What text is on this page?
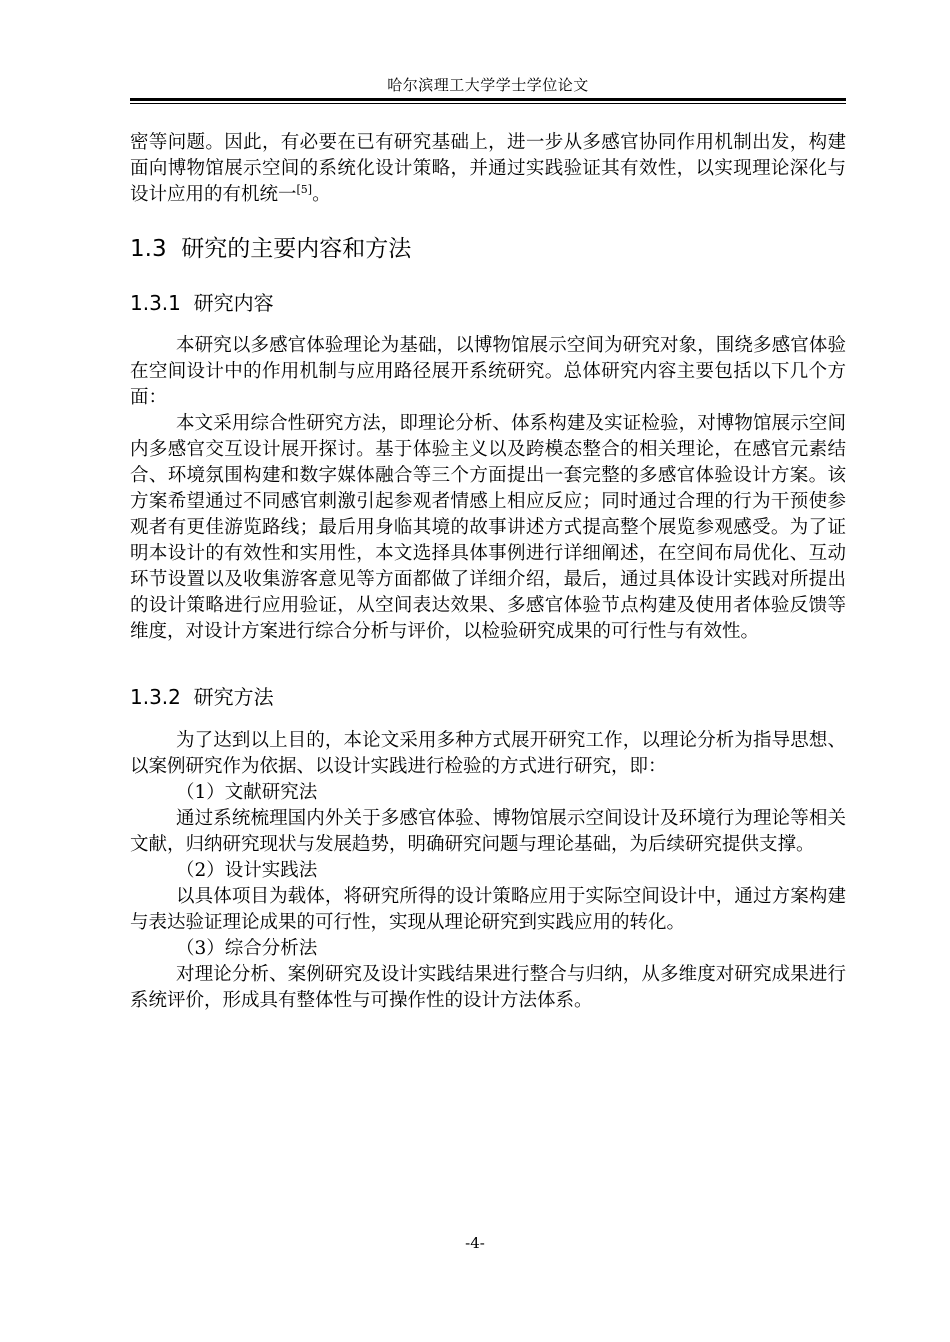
哈尔滨理工大学学士学位论文

密等问题。因此，有必要在已有研究基础上，进一步从多感官协同作用机制出发，构建面向博物馆展示空间的系统化设计策略，并通过实践验证其有效性，以实现理论深化与设计应用的有机统一[5]。

1.3 研究的主要内容和方法
1.3.1 研究内容

本研究以多感官体验理论为基础，以博物馆展示空间为研究对象，围绕多感官体验在空间设计中的作用机制与应用路径展开系统研究。总体研究内容主要包括以下几个方面：

本文采用综合性研究方法，即理论分析、体系构建及实证检验，对博物馆展示空间内多感官交互设计展开探讨。基于体验主义以及跨模态整合的相关理论，在感官元素结合、环境氛围构建和数字媒体融合等三个方面提出一套完整的多感官体验设计方案。该方案希望通过不同感官刺激引起参观者情感上相应反应；同时通过合理的行为干预使参观者有更佳游览路线；最后用身临其境的故事讲述方式提高整个展览参观感受。为了证明本设计的有效性和实用性，本文选择具体事例进行详细阐述，在空间布局优化、互动环节设置以及收集游客意见等方面都做了详细介绍，最后，通过具体设计实践对所提出的设计策略进行应用验证，从空间表达效果、多感官体验节点构建及使用者体验反馈等维度，对设计方案进行综合分析与评价，以检验研究成果的可行性与有效性。

1.3.2 研究方法

为了达到以上目的，本论文采用多种方式展开研究工作，以理论分析为指导思想、以案例研究作为依据、以设计实践进行检验的方式进行研究，即：

（1）文献研究法

通过系统梳理国内外关于多感官体验、博物馆展示空间设计及环境行为理论等相关文献，归纳研究现状与发展趋势，明确研究问题与理论基础，为后续研究提供支撑。

（2）设计实践法

以具体项目为载体，将研究所得的设计策略应用于实际空间设计中，通过方案构建与表达验证理论成果的可行性，实现从理论研究到实践应用的转化。

（3）综合分析法

对理论分析、案例研究及设计实践结果进行整合与归纳，从多维度对研究成果进行系统评价，形成具有整体性与可操作性的设计方法体系。

-4-
